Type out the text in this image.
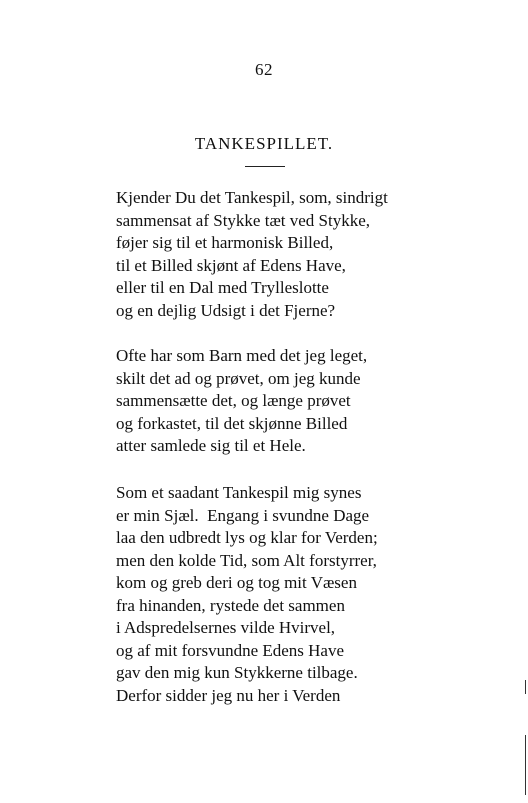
62
TANKESPILLET.
Kjender Du det Tankespil, som, sindrigt
sammensat af Stykke tæt ved Stykke,
føjer sig til et harmonisk Billed,
til et Billed skjønt af Edens Have,
eller til en Dal med Trylleslotte
og en dejlig Udsigt i det Fjerne?
Ofte har som Barn med det jeg leget,
skilt det ad og prøvet, om jeg kunde
sammensætte det, og længe prøvet
og forkastet, til det skjønne Billed
atter samlede sig til et Hele.
Som et saadant Tankespil mig synes
er min Sjæl.  Engang i svundne Dage
laa den udbredt lys og klar for Verden;
men den kolde Tid, som Alt forstyrrer,
kom og greb deri og tog mit Væsen
fra hinanden, rystede det sammen
i Adspredelsernes vilde Hvirvel,
og af mit forsvundne Edens Have
gav den mig kun Stykkerne tilbage.
Derfor sidder jeg nu her i Verden
